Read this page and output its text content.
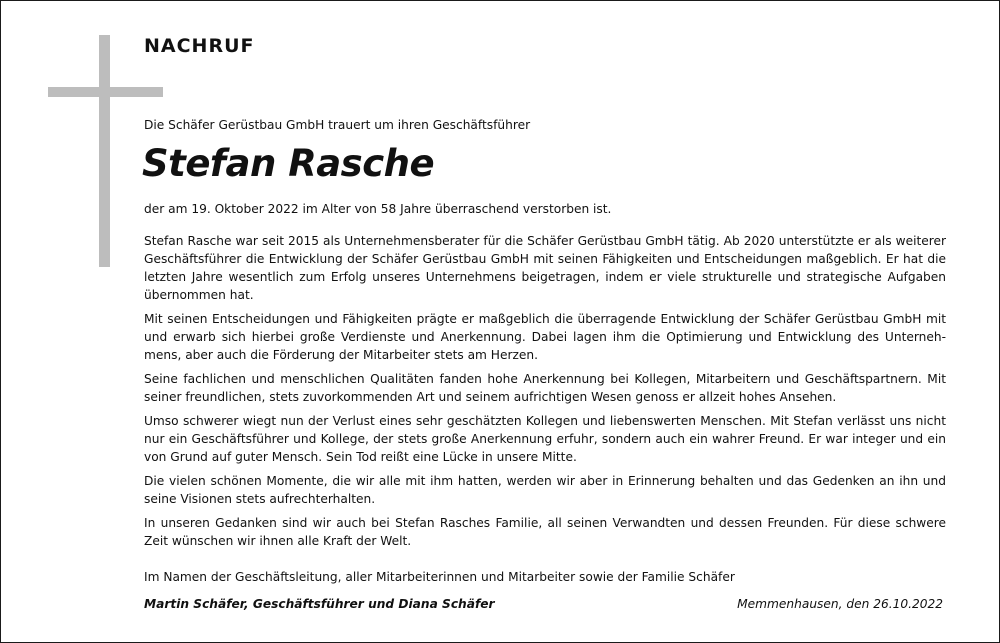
NACHRUF
Die Schäfer Gerüstbau GmbH trauert um ihren Geschäftsführer
Stefan Rasche
der am 19. Oktober 2022 im Alter von 58 Jahre überraschend verstorben ist.

Stefan Rasche war seit 2015 als Unternehmensberater für die Schäfer Gerüstbau GmbH tätig. Ab 2020 unterstützte er als weiterer Geschäftsführer die Entwicklung der Schäfer Gerüstbau GmbH mit seinen Fähigkeiten und Entscheidungen maßgeblich. Er hat die letzten Jahre wesentlich zum Erfolg unseres Unternehmens beigetragen, indem er viele strukturelle und strategische Aufgaben übernommen hat.

Mit seinen Entscheidungen und Fähigkeiten prägte er maßgeblich die überragende Entwicklung der Schäfer Gerüstbau GmbH mit und erwarb sich hierbei große Verdienste und Anerkennung. Dabei lagen ihm die Optimierung und Entwicklung des Unternehmens, aber auch die Förderung der Mitarbeiter stets am Herzen.

Seine fachlichen und menschlichen Qualitäten fanden hohe Anerkennung bei Kollegen, Mitarbeitern und Geschäftspartnern. Mit seiner freundlichen, stets zuvorkommenden Art und seinem aufrichtigen Wesen genoss er allzeit hohes Ansehen.

Umso schwerer wiegt nun der Verlust eines sehr geschätzten Kollegen und liebenswerten Menschen. Mit Stefan verlässt uns nicht nur ein Geschäftsführer und Kollege, der stets große Anerkennung erfuhr, sondern auch ein wahrer Freund. Er war integer und ein von Grund auf guter Mensch. Sein Tod reißt eine Lücke in unsere Mitte.

Die vielen schönen Momente, die wir alle mit ihm hatten, werden wir aber in Erinnerung behalten und das Gedenken an ihn und seine Visionen stets aufrechterhalten.

In unseren Gedanken sind wir auch bei Stefan Rasches Familie, all seinen Verwandten und dessen Freunden. Für diese schwere Zeit wünschen wir ihnen alle Kraft der Welt.

Im Namen der Geschäftsleitung, aller Mitarbeiterinnen und Mitarbeiter sowie der Familie Schäfer
Martin Schäfer, Geschäftsführer und Diana Schäfer	Memmenhausen, den 26.10.2022
